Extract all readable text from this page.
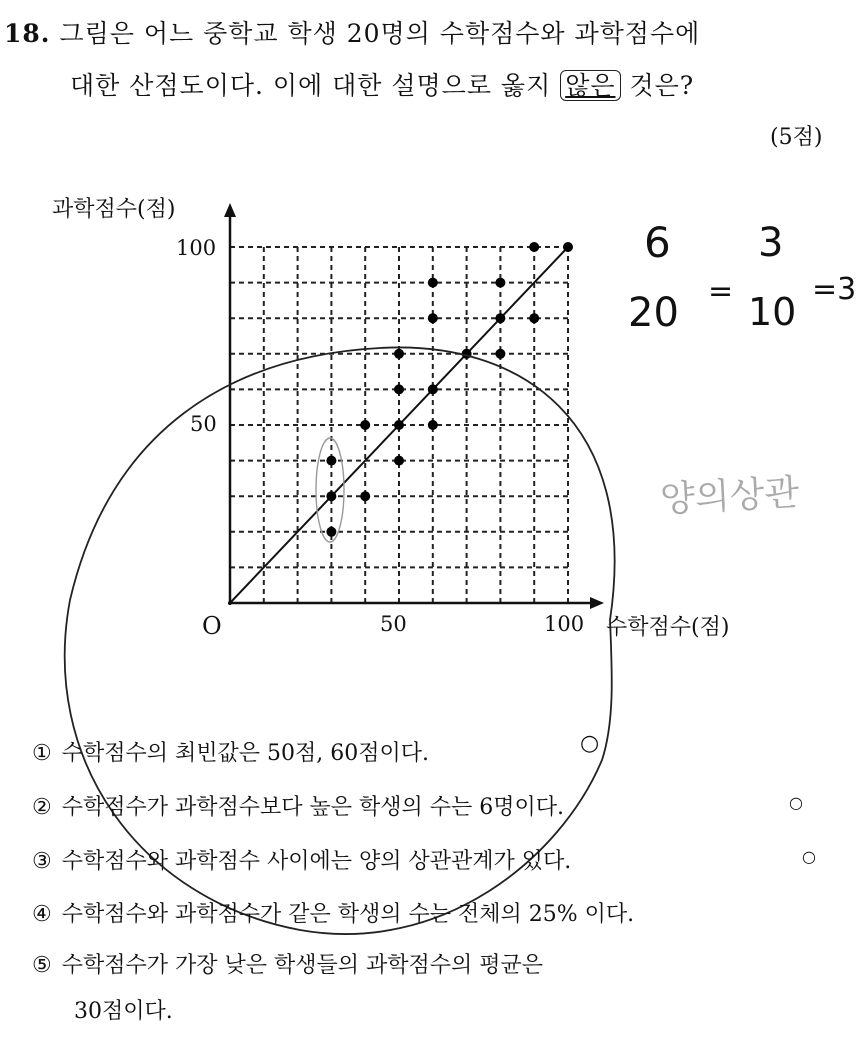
18. 그림은 어느 중학교 학생 20명의 수학점수와 과학점수에
대한 산점도이다. 이에 대한 설명으로 옳지 않은 것은?
(5점)
과학점수(점)
수학점수(점)
O
100
50
50	100
① 수학점수의 최빈값은 50점, 60점이다.
② 수학점수가 과학점수보다 높은 학생의 수는 6명이다.
③ 수학점수와 과학점수 사이에는 양의 상관관계가 있다.
④ 수학점수와 과학점수가 같은 학생의 수는 전체의 25% 이다.
⑤ 수학점수가 가장 낮은 학생들의 과학점수의 평균은
30점이다.
6
20 =
3
10
=3
양의상관
○
○
○
